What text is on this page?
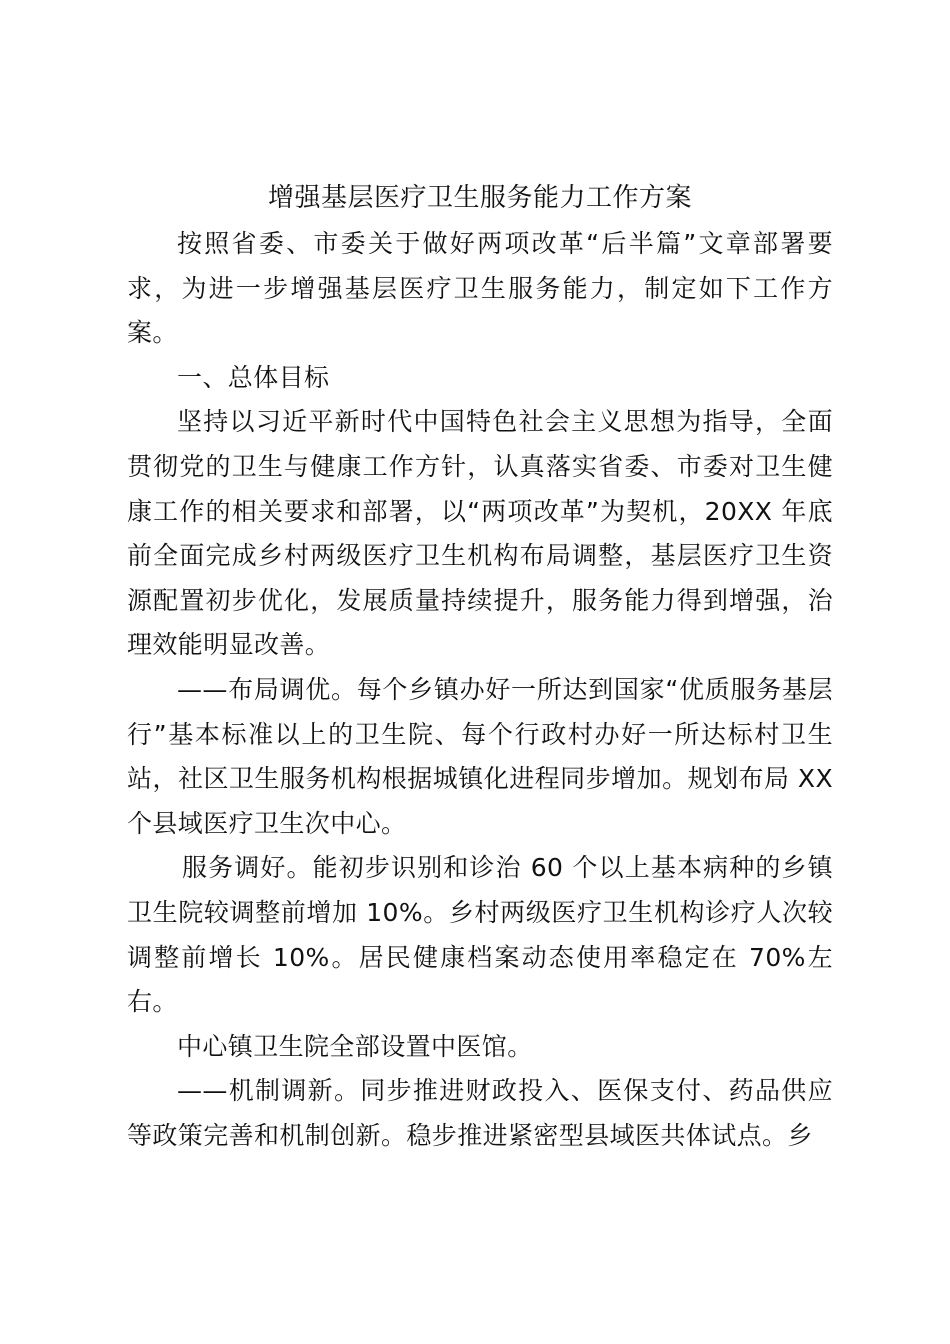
增强基层医疗卫生服务能力工作方案

按照省委、市委关于做好两项改革“后半篇”文章部署要求，为进一步增强基层医疗卫生服务能力，制定如下工作方案。

一、总体目标

坚持以习近平新时代中国特色社会主义思想为指导，全面贯彻党的卫生与健康工作方针，认真落实省委、市委对卫生健康工作的相关要求和部署，以“两项改革”为契机，20XX 年底前全面完成乡村两级医疗卫生机构布局调整，基层医疗卫生资源配置初步优化，发展质量持续提升，服务能力得到增强，治理效能明显改善。

——布局调优。每个乡镇办好一所达到国家“优质服务基层行”基本标准以上的卫生院、每个行政村办好一所达标村卫生站，社区卫生服务机构根据城镇化进程同步增加。规划布局 XX 个县域医疗卫生次中心。

服务调好。能初步识别和诊治 60 个以上基本病种的乡镇卫生院较调整前增加 10%。乡村两级医疗卫生机构诊疗人次较调整前增长 10%。居民健康档案动态使用率稳定在 70%左右。

中心镇卫生院全部设置中医馆。

——机制调新。同步推进财政投入、医保支付、药品供应等政策完善和机制创新。稳步推进紧密型县域医共体试点。乡
